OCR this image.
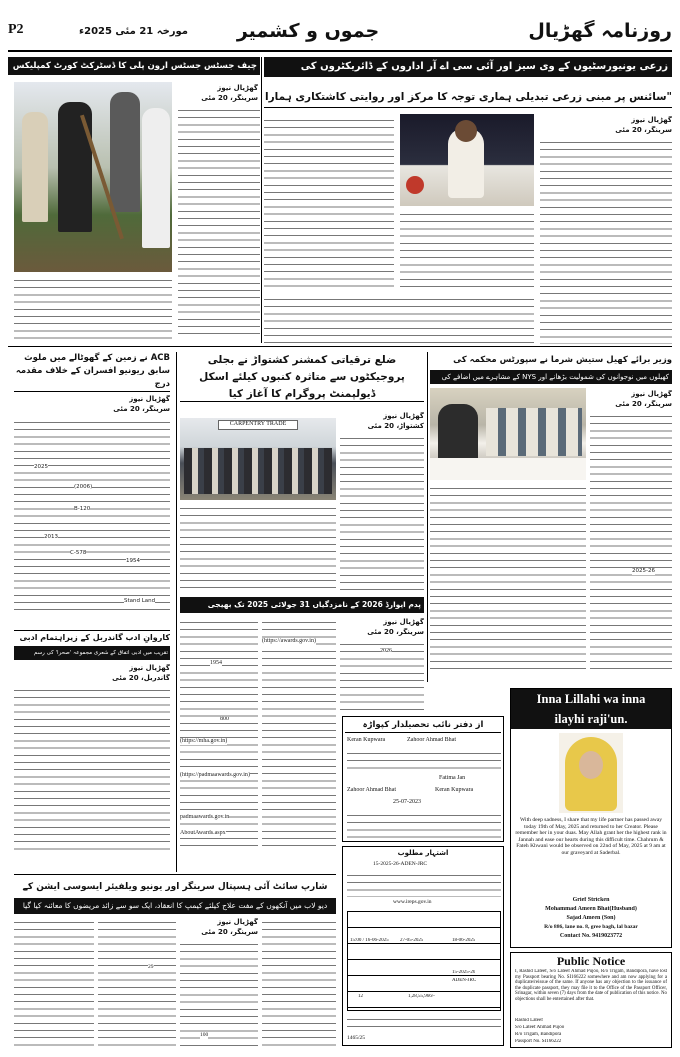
P2	مورخہ 21 مئی 2025ء	جموں و کشمیر	روزنامہ گھڑیال
زرعی یونیورسٹیوں کے وی سیز اور آئی سی اے آر اداروں کے ڈائریکٹروں کی
"سائنس پر مبنی زرعی تبدیلی ہماری توجہ کا مرکز اور روایتی کاشتکاری ہمارا
گھڑیال نیوز
سرینگر، 20 مئی
چیف جسٹس جسٹس ارون پلی کا ڈسٹرکٹ کورٹ کمپلیکس
گھڑیال نیوز
سرینگر، 20 مئی
ACB نے زمین کے گھوٹالے میں ملوث سابق ریونیو افسران کے خلاف مقدمہ درج
گھڑیال نیوز
سرینگر، 20 مئی
(2006)
B-120
C-578
1954
2013
2025
Stand Land
ضلع ترقیاتی کمشنر کشتواڑ نے بجلی پروجیکٹوں سے متاثرہ کنبوں کیلئے اسکل ڈیولپمنٹ پروگرام کا آغاز کیا
CARPENTRY TRADE
گھڑیال نیوز
کشتواڑ، 20 مئی
وزیر برائے کھیل ستیش شرما نے سپورٹس محکمہ کی
کھیلوں میں نوجوانوں کی شمولیت بڑھانے اور NYS کے مشاہرے میں اضافے کی
گھڑیال نیوز
سرینگر، 20 مئی
2025-26
پدم ایوارڈ 2026 کے نامزدگیاں 31 جولائی 2025 تک بھیجی
گھڑیال نیوز
سرینگر، 20 مئی
(https://awards.gov.in)
(https://mha.gov.in)
(https://padmaawards.gov.in)
padmaawards.gov.in
AboutAwards.aspx
1954
800
2026
کاروانِ ادب گاندربل کے زیراہتمام ادبی
تقریب میں ادبی اتفاق کے شعری مجموعہ 'صحرا' کی رسم
گھڑیال نیوز
گاندربل، 20 مئی
از دفتر نائب تحصیلدار کپواڑہ
Zahoor Ahmad Bhat
Keran Kupwara
Fatima Jan
Zahoor Ahmad Bhat	Keran Kupwara
25-07-2023
اشتہار مطلوب
15-2025-26-ADEN-JRC
www.ireps.gov.in
18-06-2025
27-05-2025
15:00 / 16-06-2025
15-2025-26
ADEN-JRC
1,28,55,966/-
12
1465/25
Inna Lillahi wa inna
ilayhi raji'un.
With deep sadness, I share that my life partner has passed away today 19th of May, 2025 and returned to her Creator. Please remember her in your duas. May Allah grant her the highest rank in Jannah and ease our hearts during this difficult time. Chahrum & Fateh Khwani would be observed on 22nd of May, 2025 at 9 am at our graveyard at Saderbal.
Grief Stricken
Mohammad Ameen Bhat(Husband)
Sajad Ameen (Son)
R/o 886, lane no. 8, gree bagh, lal bazar
Contact No. 9419023772
Public Notice
I, Rashid Lateef, S/o Lateef Ahmad Pujoo, R/o Trigam, Bandipora, have lost my Passport bearing No. SI166222 somewhere and am now applying for a duplicate/reissue of the same. If anyone has any objection to the issuance of the duplicate passport, they may file it to the Office of the Passport Officer, Srinagar, within seven (7) days from the date of publication of this notice. No objections shall be entertained after that.
Rashid Lateef
S/o Lateef Ahmad Pujoo
R/o Trigam, Bandipora
Passport No. SI166222
شارپ سائٹ آئی ہسپتال سرینگر اور یونیو ویلفیئر ایسوسی ایشن کے
دیو لاب میں آنکھوں کے مفت علاج کیلئے کیمپ کا انعقاد، ایک سو سے زائد مریضوں کا معائنہ کیا گیا
گھڑیال نیوز
سرینگر، 20 مئی
100
29
